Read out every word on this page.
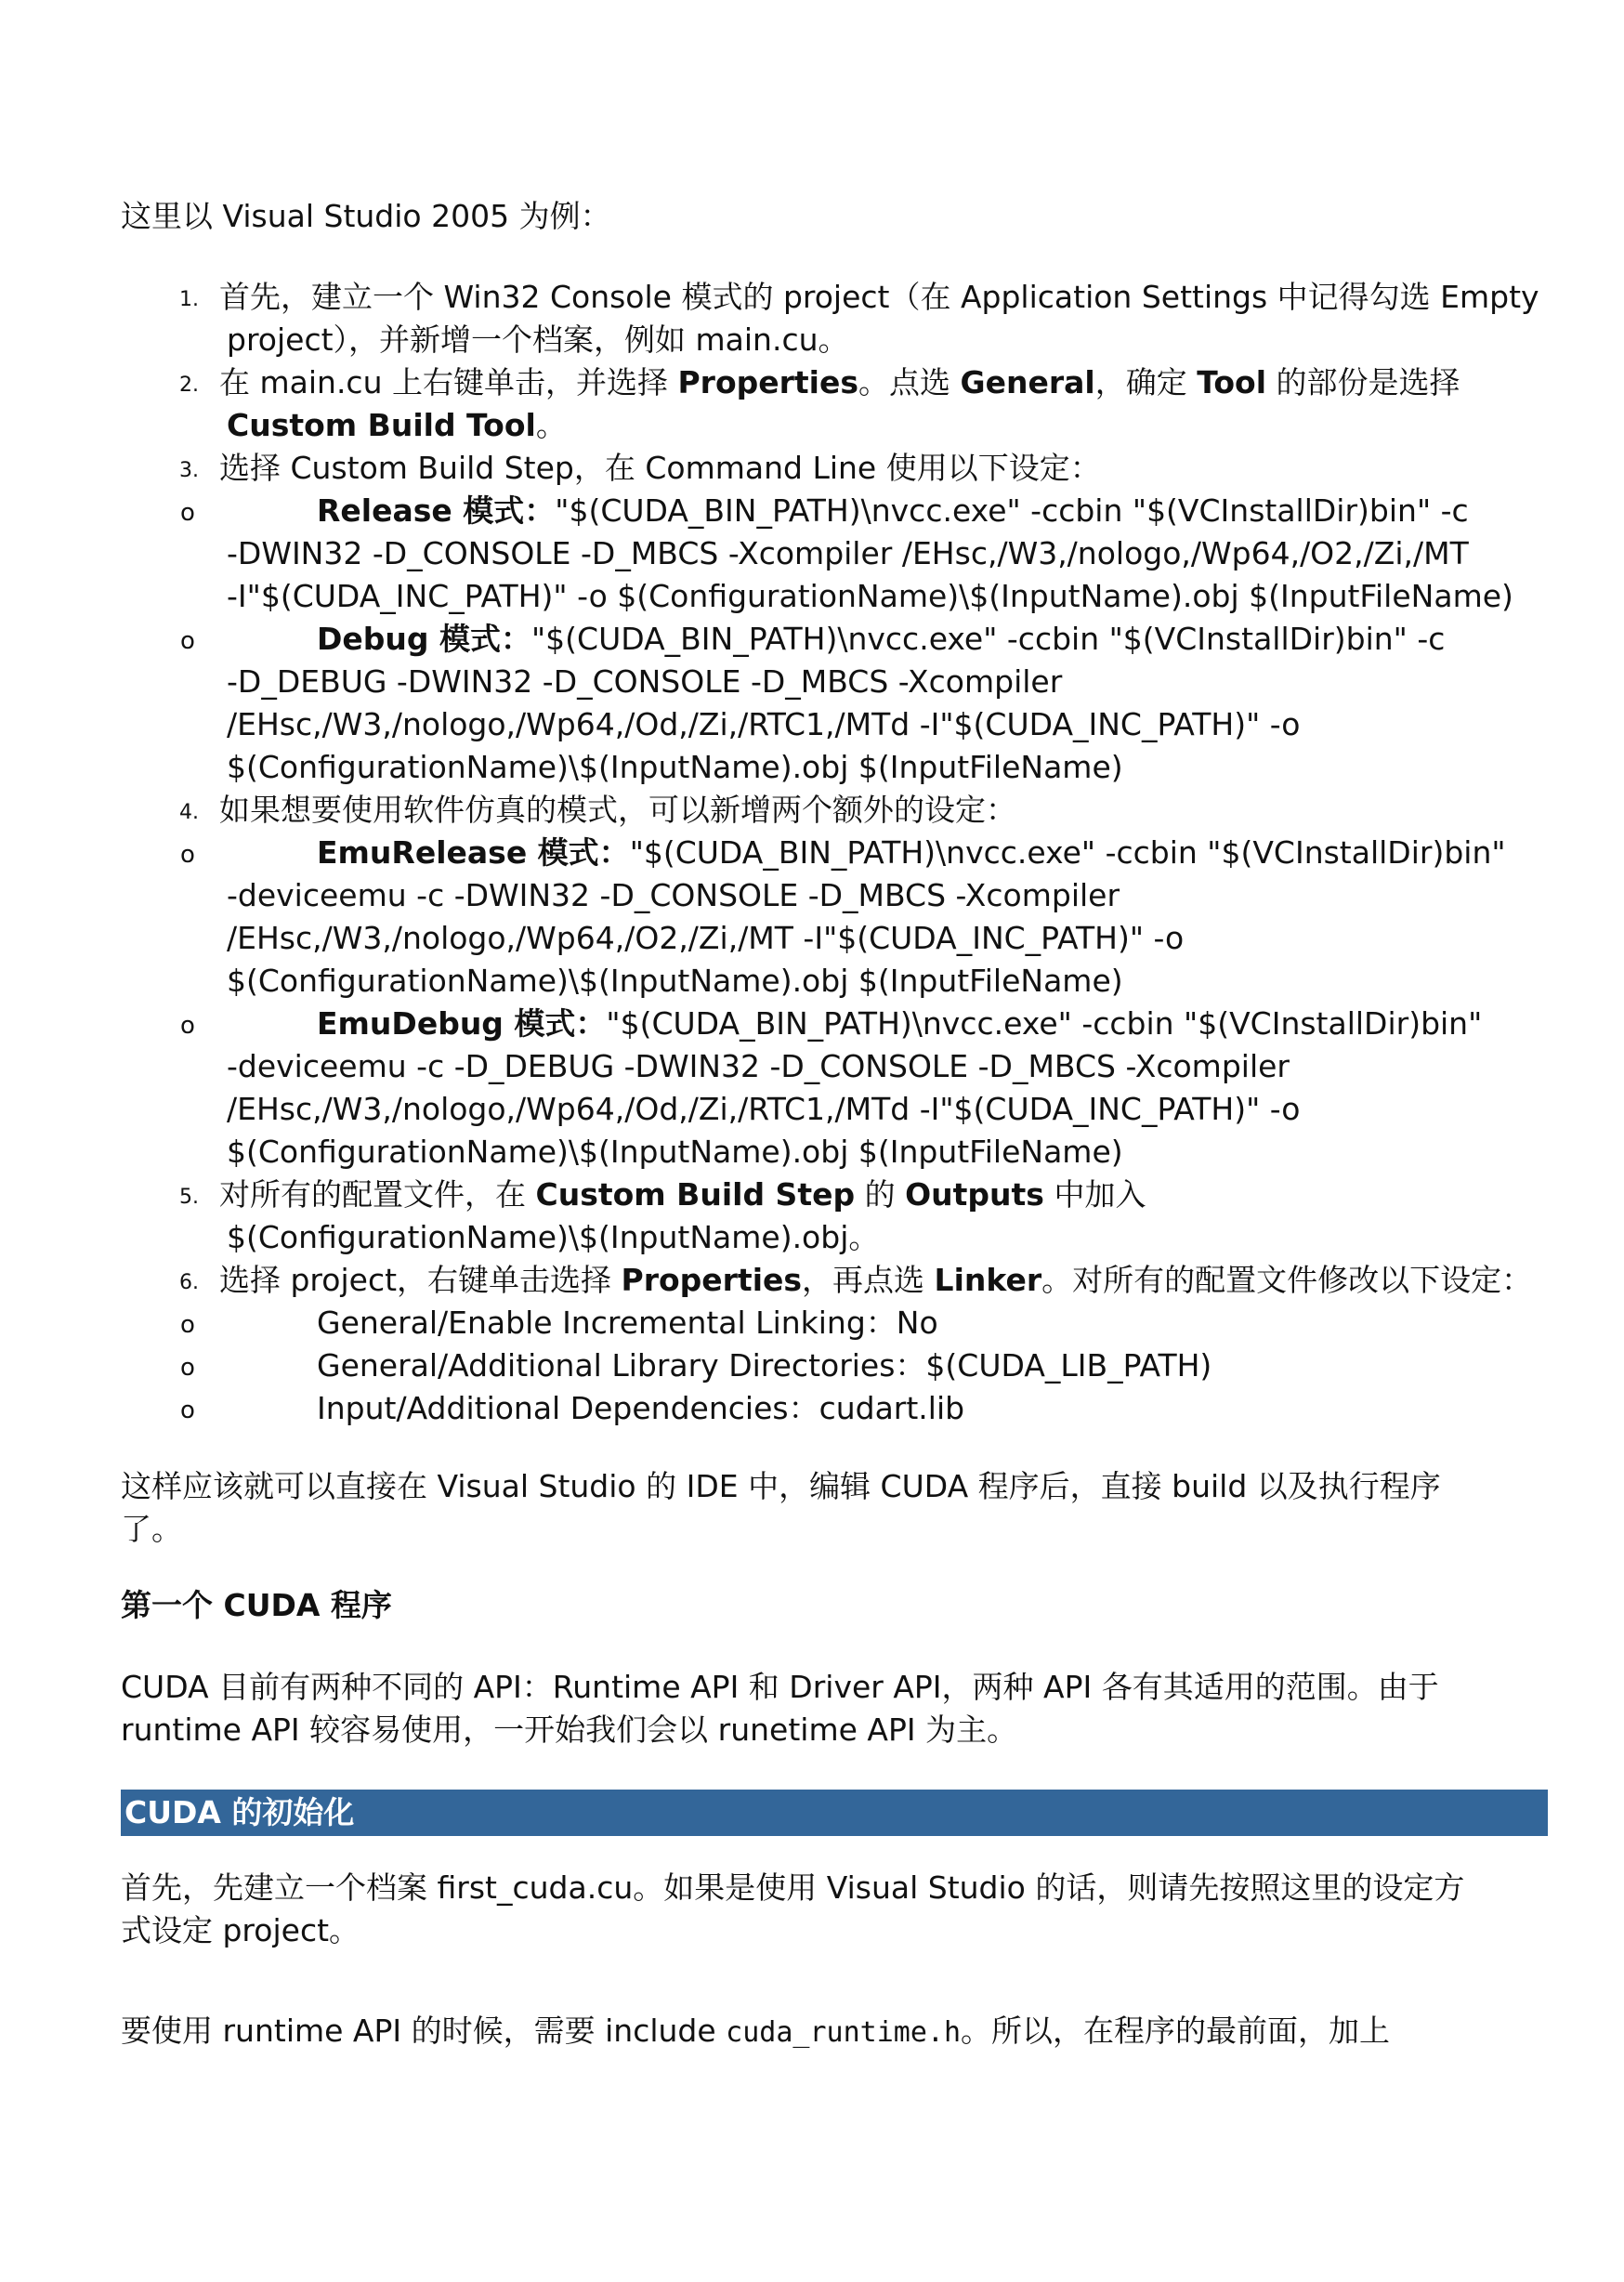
这里以 Visual Studio 2005 为例：
1. 首先，建立一个 Win32 Console 模式的 project（在 Application Settings 中记得勾选 Empty
project），并新增一个档案，例如 main.cu。
2. 在 main.cu 上右键单击，并选择 Properties。点选 General，确定 Tool 的部份是选择
Custom Build Tool。
3. 选择 Custom Build Step，在 Command Line 使用以下设定：
o	Release 模式："$(CUDA_BIN_PATH)\nvcc.exe" -ccbin "$(VCInstallDir)bin" -c
-DWIN32 -D_CONSOLE -D_MBCS -Xcompiler /EHsc,/W3,/nologo,/Wp64,/O2,/Zi,/MT
-I"$(CUDA_INC_PATH)" -o $(ConfigurationName)\$(InputName).obj $(InputFileName)
o	Debug 模式："$(CUDA_BIN_PATH)\nvcc.exe" -ccbin "$(VCInstallDir)bin" -c
-D_DEBUG -DWIN32 -D_CONSOLE -D_MBCS -Xcompiler
/EHsc,/W3,/nologo,/Wp64,/Od,/Zi,/RTC1,/MTd -I"$(CUDA_INC_PATH)" -o
$(ConfigurationName)\$(InputName).obj $(InputFileName)
4. 如果想要使用软件仿真的模式，可以新增两个额外的设定：
o	EmuRelease 模式："$(CUDA_BIN_PATH)\nvcc.exe" -ccbin "$(VCInstallDir)bin"
-deviceemu -c -DWIN32 -D_CONSOLE -D_MBCS -Xcompiler
/EHsc,/W3,/nologo,/Wp64,/O2,/Zi,/MT -I"$(CUDA_INC_PATH)" -o
$(ConfigurationName)\$(InputName).obj $(InputFileName)
o	EmuDebug 模式："$(CUDA_BIN_PATH)\nvcc.exe" -ccbin "$(VCInstallDir)bin"
-deviceemu -c -D_DEBUG -DWIN32 -D_CONSOLE -D_MBCS -Xcompiler
/EHsc,/W3,/nologo,/Wp64,/Od,/Zi,/RTC1,/MTd -I"$(CUDA_INC_PATH)" -o
$(ConfigurationName)\$(InputName).obj $(InputFileName)
5. 对所有的配置文件，在 Custom Build Step 的 Outputs 中加入
$(ConfigurationName)\$(InputName).obj。
6. 选择 project，右键单击选择 Properties，再点选 Linker。对所有的配置文件修改以下设定：
o	General/Enable Incremental Linking：No
o	General/Additional Library Directories：$(CUDA_LIB_PATH)
o	Input/Additional Dependencies：cudart.lib
这样应该就可以直接在 Visual Studio 的 IDE 中，编辑 CUDA 程序后，直接 build 以及执行程序
了。
第一个 CUDA 程序
CUDA 目前有两种不同的 API：Runtime API 和 Driver API，两种 API 各有其适用的范围。由于
runtime API 较容易使用，一开始我们会以 runetime API 为主。
CUDA 的初始化
首先，先建立一个档案 first_cuda.cu。如果是使用 Visual Studio 的话，则请先按照这里的设定方
式设定 project。
要使用 runtime API 的时候，需要 include cuda_runtime.h。所以，在程序的最前面，加上
